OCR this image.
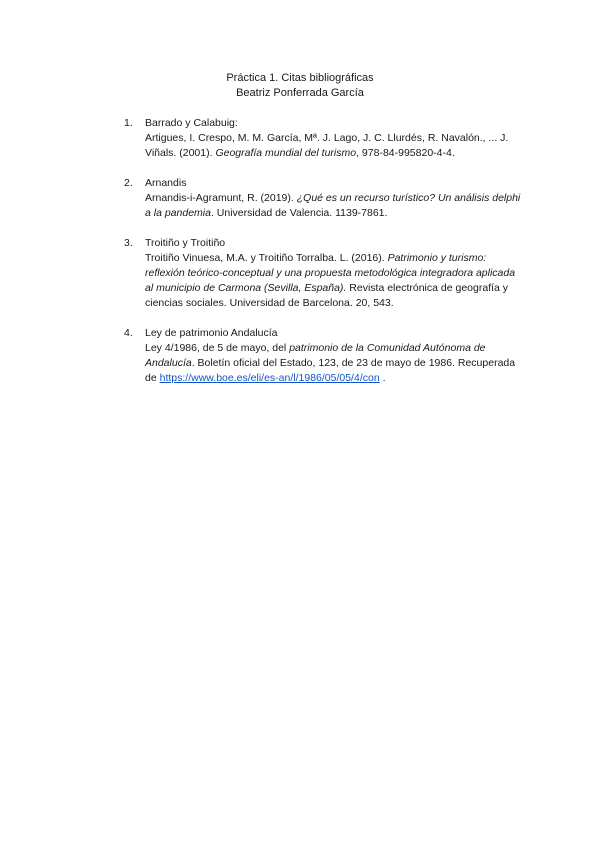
Práctica 1. Citas bibliográficas
Beatriz Ponferrada García
1. Barrado y Calabuig:
Artigues, I. Crespo, M. M. García, Mª. J. Lago, J. C. Llurdés, R. Navalón., ... J. Viñals. (2001). Geografía mundial del turismo, 978-84-995820-4-4.
2. Arnandis
Arnandis-i-Agramunt, R. (2019). ¿Qué es un recurso turístico? Un análisis delphi a la pandemia. Universidad de Valencia. 1139-7861.
3. Troitiño y Troitiño
Troitiño Vinuesa, M.A. y Troitiño Torralba. L. (2016). Patrimonio y turismo: reflexión teórico-conceptual y una propuesta metodológica integradora aplicada al municipio de Carmona (Sevilla, España). Revista electrónica de geografía y ciencias sociales. Universidad de Barcelona. 20, 543.
4. Ley de patrimonio Andalucía
Ley 4/1986, de 5 de mayo, del patrimonio de la Comunidad Autónoma de Andalucía. Boletín oficial del Estado, 123, de 23 de mayo de 1986. Recuperada de https://www.boe.es/eli/es-an/l/1986/05/05/4/con .
